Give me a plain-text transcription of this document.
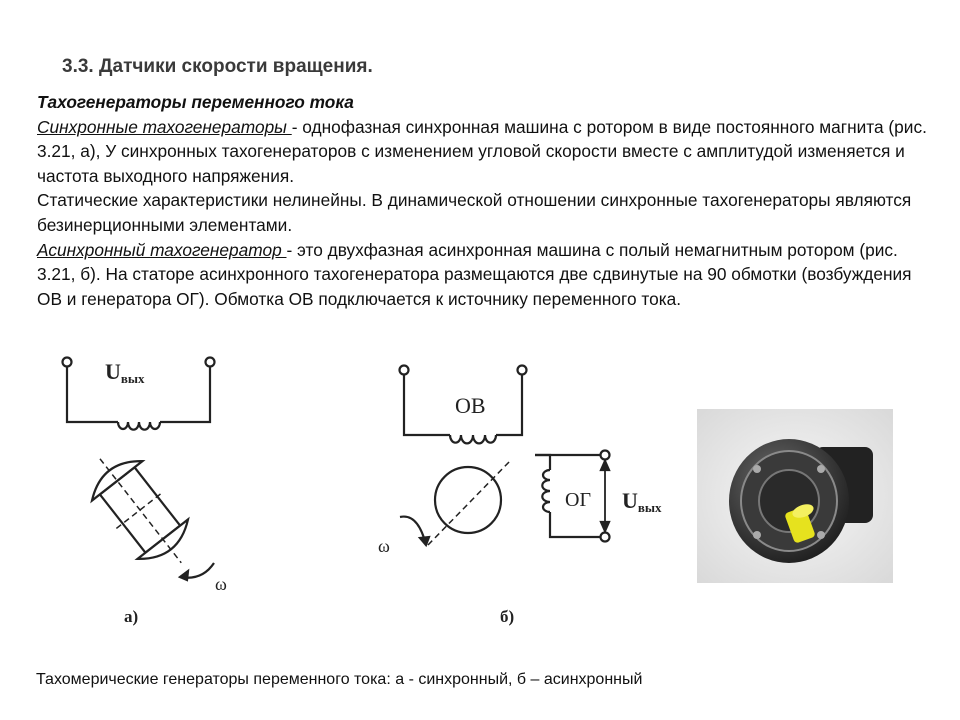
3.3. Датчики скорости вращения.

Тахогенераторы переменного тока

Синхронные тахогенераторы - однофазная синхронная машина с ротором в виде постоянного магнита (рис. 3.21, а), У синхронных тахогенераторов с изменением угловой скорости вместе с амплитудой изменяется и частота выходного напряжения.

Статические характеристики нелинейны. В динамической отношении синхронные тахогенераторы являются безинерционными элементами.

Асинхронный тахогенератор - это двухфазная асинхронная машина с полый немагнитным ротором (рис. 3.21, б). На статоре асинхронного тахогенератора размещаются две сдвинутые на 90 обмотки (возбуждения ОВ и генератора ОГ). Обмотка ОВ подключается к источнику переменного тока.

Uвых
ω
а)
ОВ
ОГ Uвых
ω
б)
Тахомерические генераторы переменного тока: а - синхронный, б – асинхронный
